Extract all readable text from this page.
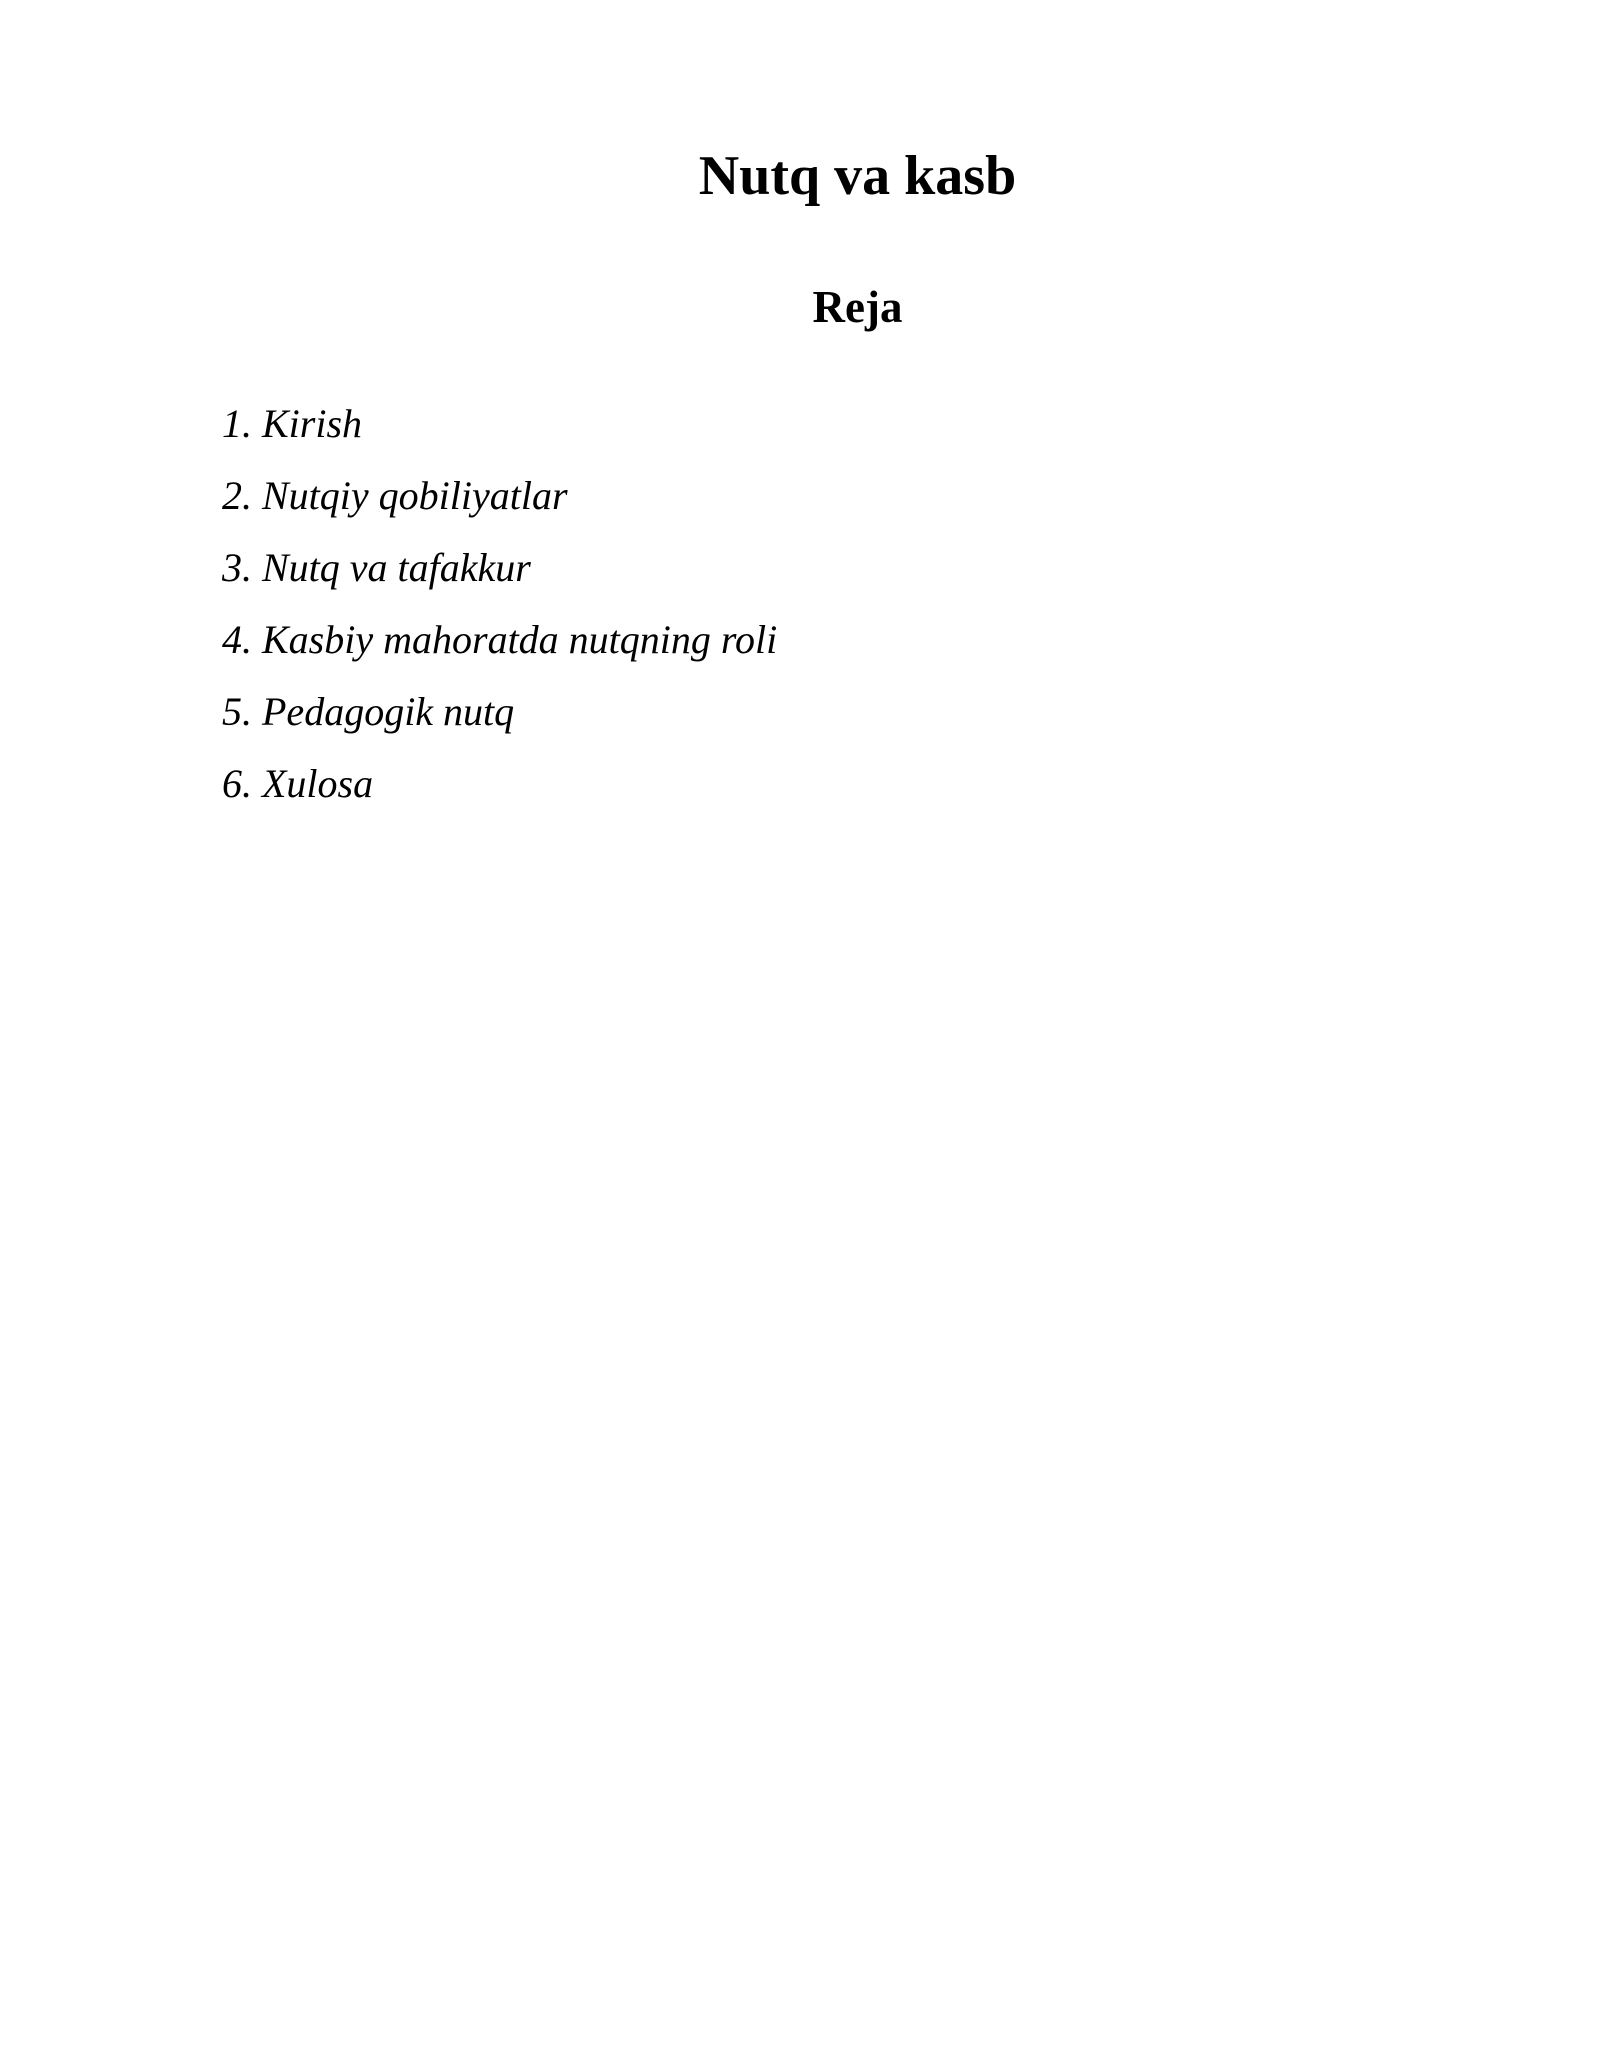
Nutq va kasb
Reja
1. Kirish
2. Nutqiy qobiliyatlar
3. Nutq va tafakkur
4. Kasbiy mahoratda nutqning roli
5. Pedagogik nutq
6. Xulosa
